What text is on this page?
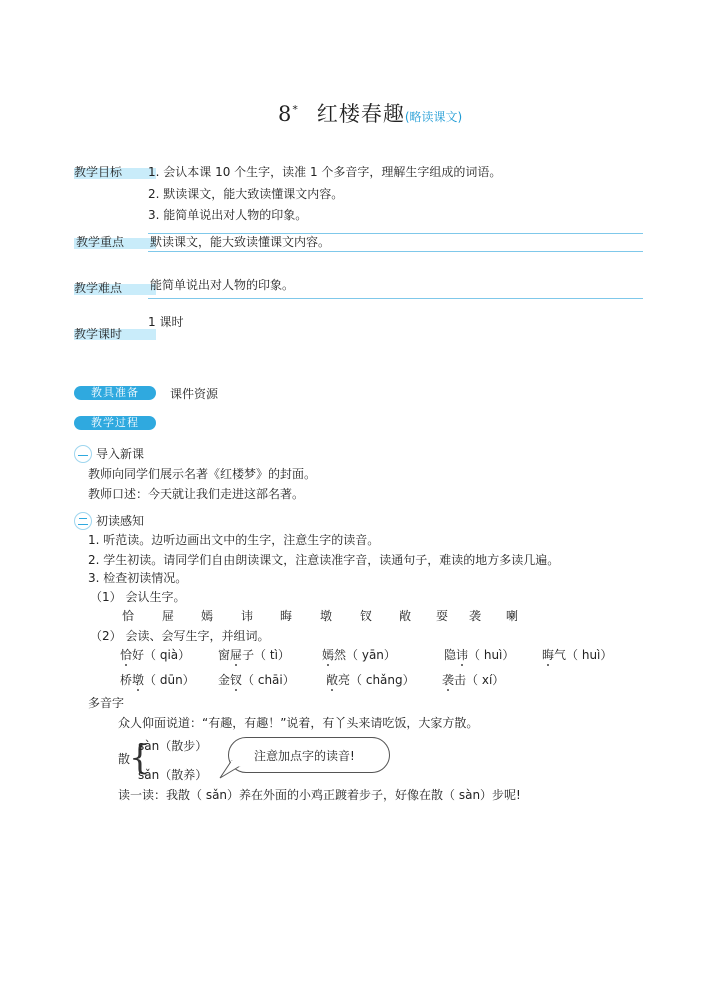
8* 红楼春趣(略读课文)
教学目标 1. 会认本课 10 个生字，读准 1 个多音字，理解生字组成的词语。
2. 默读课文，能大致读懂课文内容。
3. 能简单说出对人物的印象。
教学重点 默读课文，能大致读懂课文内容。
教学难点 能简单说出对人物的印象。
教学课时
1 课时
教具准备	课件资源
教学过程
导入新课
教师向同学们展示名著《红楼梦》的封面。
教师口述：今天就让我们走进这部名著。
初读感知
1. 听范读。边听边画出文中的生字，注意生字的读音。
2. 学生初读。请同学们自由朗读课文，注意读准字音，读通句子，难读的地方多读几遍。
3. 检查初读情况。
（1） 会认生字。
恰 屉 嫣 讳 晦 墩 钗 敞 耍 袭 喇
（2） 会读、会写生字，并组词。
恰好（ qià） 窗屉子（ tì）	嫣然（ yān）	隐讳（ huì） 晦气（ huì）
桥墩（ dūn） 金钗（ chāi）	敞亮（ chǎng） 袭击（ xí）
多音字
众人仰面说道：“有趣，有趣！”说着，有丫头来请吃饭，大家方散。
散
{
sàn（散步）
sǎn（散养）
注意加点字的读音!
读一读：我散（ sǎn）养在外面的小鸡正踱着步子，好像在散（ sàn）步呢!
